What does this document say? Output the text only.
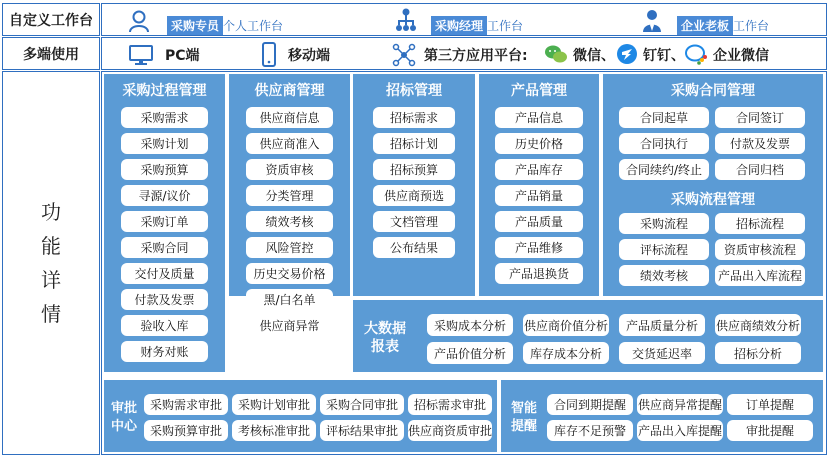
自定义工作台	采购专员 个人工作台	采购经理 工作台	企业老板 工作台
多端使用	PC端	移动端	第三方应用平台:	微信、 钉钉、 企业微信
功
能
详
情
采购过程管理
采购需求
采购计划
采购预算
寻源/议价
采购订单
采购合同
交付及质量
付款及发票
验收入库
财务对账
供应商管理
供应商信息
供应商准入
资质审核
分类管理
绩效考核
风险管控
历史交易价格
黑/白名单
供应商异常
招标管理
招标需求
招标计划
招标预算
供应商预选
文档管理
公布结果
产品管理
产品信息
历史价格
产品库存
产品销量
产品质量
产品维修
产品退换货
采购合同管理
合同起草	合同签订
合同执行	付款及发票
合同续约/终止	合同归档
采购流程管理
采购流程	招标流程
评标流程	资质审核流程
绩效考核	产品出入库流程
大数据报表
采购成本分析	供应商价值分析	产品质量分析	供应商绩效分析
产品价值分析	库存成本分析	交货延迟率	招标分析
审批中心
采购需求审批	采购计划审批	采购合同审批	招标需求审批
采购预算审批	考核标准审批	评标结果审批 供应商资质审批
智能提醒
合同到期提醒 供应商异常提醒	订单提醒
库存不足预警 产品出入库提醒	审批提醒
